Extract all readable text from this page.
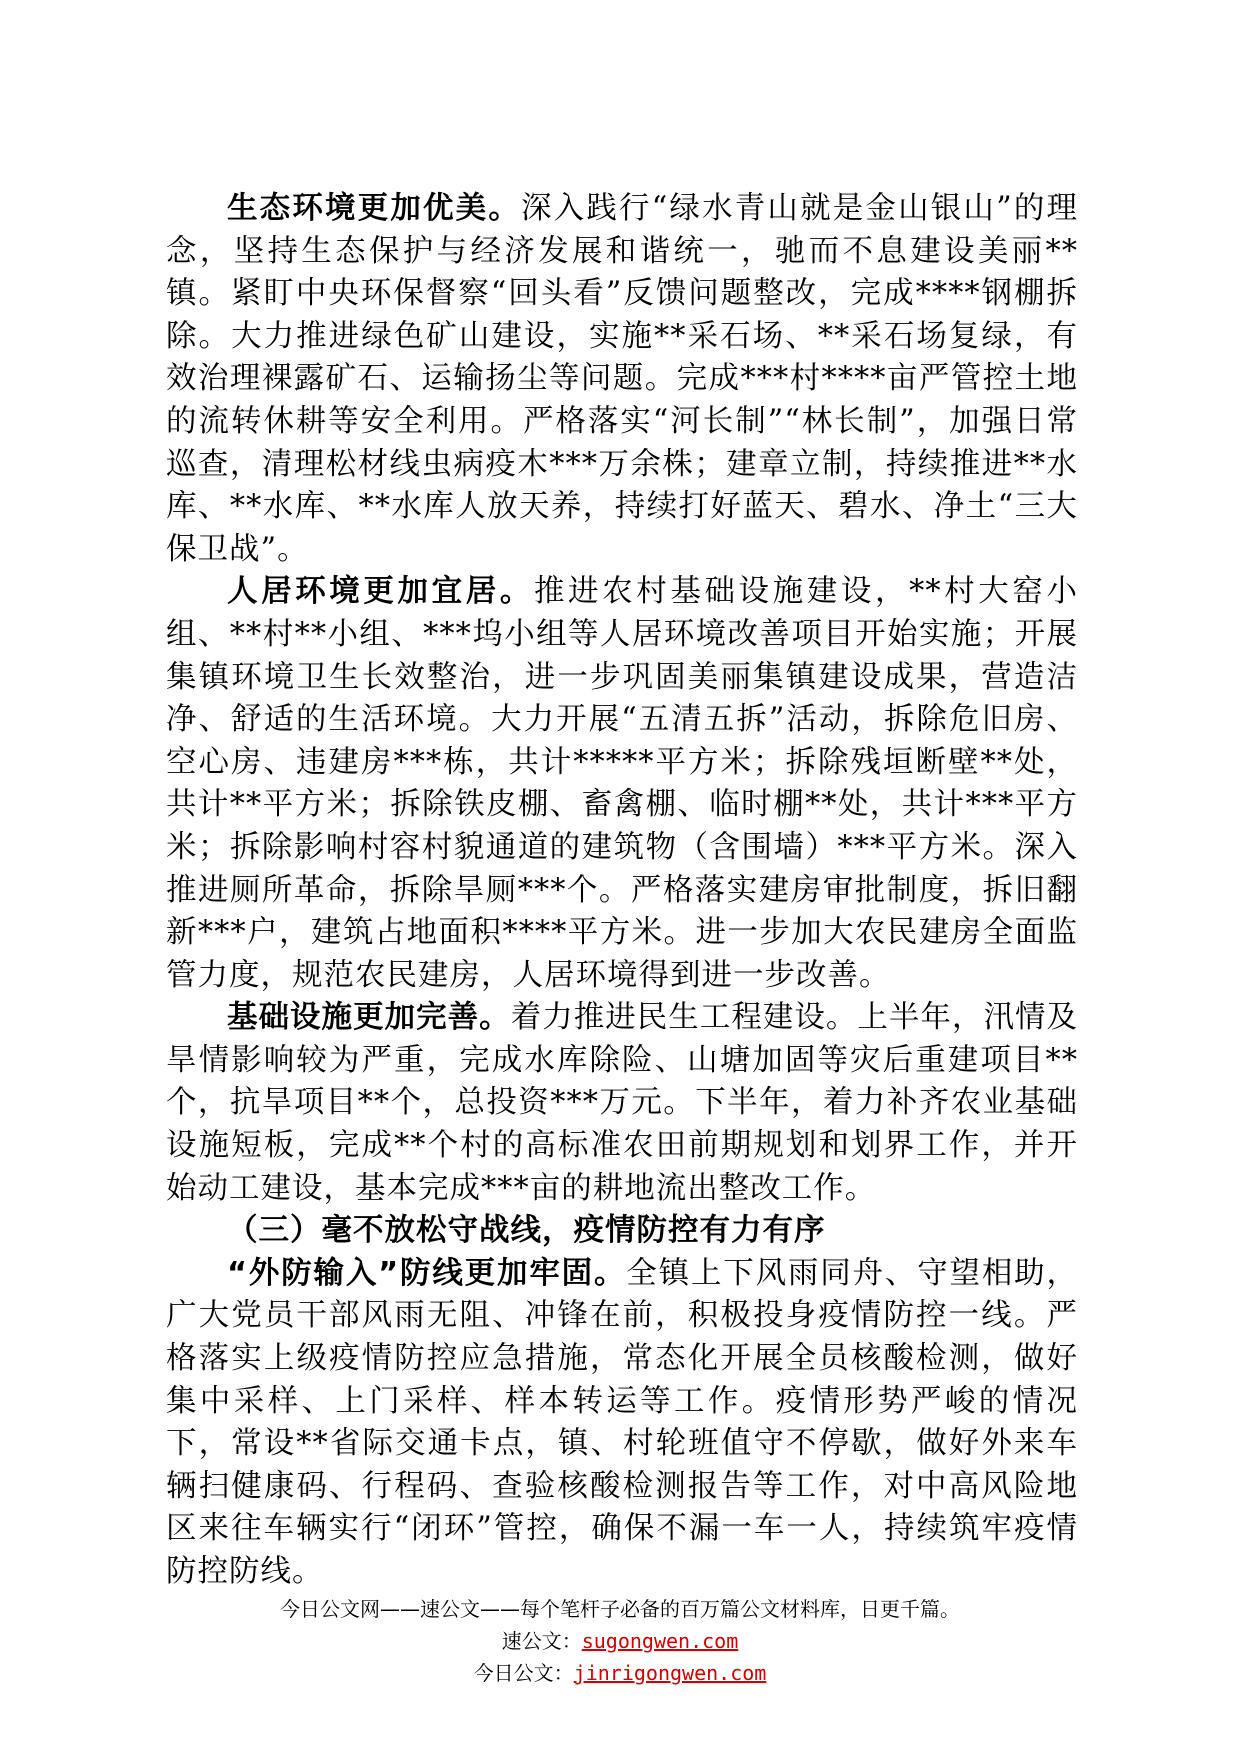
生态环境更加优美。深入践行“绿水青山就是金山银山”的理念，坚持生态保护与经济发展和谐统一，驰而不息建设美丽**镇。紧盯中央环保督察“回头看”反馈问题整改，完成****钢棚拆除。大力推进绿色矿山建设，实施**采石场、**采石场复绿，有效治理裸露矿石、运输扬尘等问题。完成***村****亩严管控土地的流转休耕等安全利用。严格落实“河长制”“林长制”，加强日常巡查，清理松材线虫病疫木***万余株；建章立制，持续推进**水库、**水库、**水库人放天养，持续打好蓝天、碧水、净土“三大保卫战”。

人居环境更加宜居。推进农村基础设施建设，**村大窑小组、**村**小组、***坞小组等人居环境改善项目开始实施；开展集镇环境卫生长效整治，进一步巩固美丽集镇建设成果，营造洁净、舒适的生活环境。大力开展“五清五拆”活动，拆除危旧房、空心房、违建房***栋，共计*****平方米；拆除残垣断壁**处，共计**平方米；拆除铁皮棚、畜禽棚、临时棚**处，共计***平方米；拆除影响村容村貌通道的建筑物（含围墙）***平方米。深入推进厕所革命，拆除旱厕***个。严格落实建房审批制度，拆旧翻新***户，建筑占地面积****平方米。进一步加大农民建房全面监管力度，规范农民建房，人居环境得到进一步改善。

基础设施更加完善。着力推进民生工程建设。上半年，汛情及旱情影响较为严重，完成水库除险、山塘加固等灾后重建项目**个，抗旱项目**个，总投资***万元。下半年，着力补齐农业基础设施短板，完成**个村的高标准农田前期规划和划界工作，并开始动工建设，基本完成***亩的耕地流出整改工作。

（三）毫不放松守战线，疫情防控有力有序

“外防输入”防线更加牢固。全镇上下风雨同舟、守望相助，广大党员干部风雨无阻、冲锋在前，积极投身疫情防控一线。严格落实上级疫情防控应急措施，常态化开展全员核酸检测，做好集中采样、上门采样、样本转运等工作。疫情形势严峻的情况下，常设**省际交通卡点，镇、村轮班值守不停歇，做好外来车辆扫健康码、行程码、查验核酸检测报告等工作，对中高风险地区来往车辆实行“闭环”管控，确保不漏一车一人，持续筑牢疫情防控防线。

今日公文网——速公文——每个笔杆子必备的百万篇公文材料库，日更千篇。
速公文：sugongwen.com
今日公文：jinrigongwen.com
